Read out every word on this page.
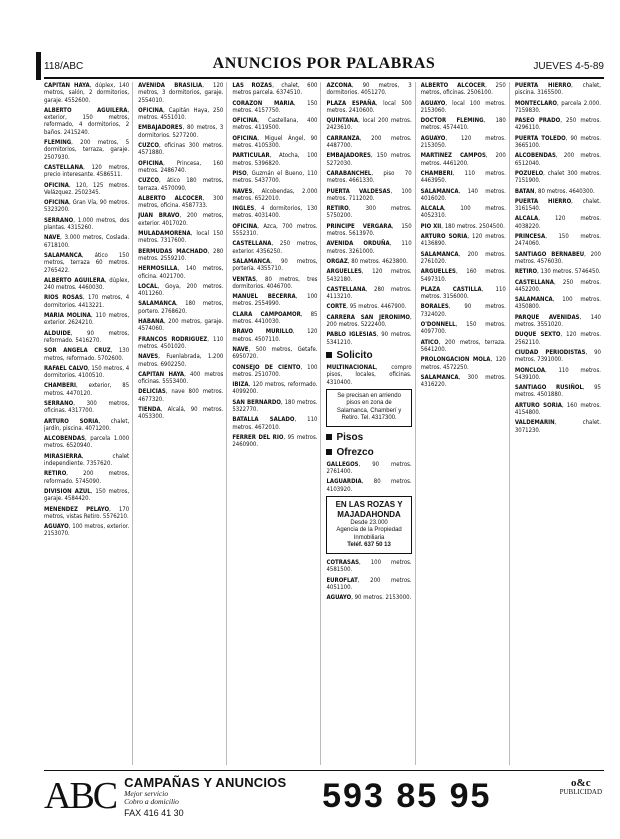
118/ABC	ANUNCIOS POR PALABRAS	JUEVES 4-5-89

CAPITAN HAYA, dúplex, 140 metros, salón, 2 dormitorios, garaje. 4552600.

ALBERTO AGUILERA, exterior, 150 metros, reformado, 4 dormitorios, 2 baños. 2415240.

FLEMING, 200 metros, 5 dormitorios, terraza, garaje. 2507930.

CASTELLANA, 120 metros, precio interesante. 4586511.

OFICINA, 120, 125 metros. Velázquez. 2502345.

OFICINA, Gran Vía, 90 metros. 5323200.

SERRANO, 1.000 metros, dos plantas. 4315260.

NAVE, 3.000 metros, Coslada. 6718100.

SALAMANCA, ático 150 metros, terraza 60 metros. 2765422.

ALBERTO AGUILERA, dúplex, 240 metros. 4460030.

RIOS ROSAS, 170 metros, 4 dormitorios. 4413221.

MARIA MOLINA, 110 metros, exterior. 2624210.

ALDUIDE, 90 metros, reformado. 5416270.

SOR ANGELA CRUZ, 130 metros, reformado. 5702600.

RAFAEL CALVO, 150 metros, 4 dormitorios. 4100510.

CHAMBERI, exterior, 85 metros. 4470120.

SERRANO, 300 metros, oficinas. 4317700.

ARTURO SORIA, chalet, jardín, piscina. 4071200.

ALCOBENDAS, parcela 1.000 metros. 6520940.

MIRASIERRA, chalet independiente. 7357620.

RETIRO, 200 metros, reformado. 5745090.

DIVISION AZUL, 150 metros, garaje. 4584420.

MENENDEZ PELAYO, 170 metros, vistas Retiro. 5576210.

AGUAYO, 100 metros, exterior. 2153070.

AVENIDA BRASILIA, 120 metros, 3 dormitorios, garaje. 2554010.

OFICINA, Capitán Haya, 250 metros. 4551010.

EMBAJADORES, 80 metros, 3 dormitorios. 5277200.

CUZCO, oficinas 300 metros. 4571880.

OFICINA, Princesa, 160 metros. 2486740.

CUZCO, ático 180 metros, terraza. 4570090.

ALBERTO ALCOCER, 300 metros, oficina. 4587733.

JUAN BRAVO, 200 metros, exterior. 4017020.

MULADAMORENA, local 150 metros. 7317600.

BERMUDAS MACHADO, 280 metros. 2559210.

HERMOSILLA, 140 metros, oficina. 4021700.

LOCAL, Goya, 200 metros. 4011260.

SALAMANCA, 180 metros, portero. 2768620.

HABANA, 200 metros, garaje. 4574060.

FRANCOS RODRIGUEZ, 110 metros. 4501020.

NAVES, Fuenlabrada, 1.200 metros. 6902250.

CAPITAN HAYA, 400 metros oficinas. 5553400.

DELICIAS, nave 800 metros. 4677320.

TIENDA, Alcalá, 90 metros. 4053300.

LAS ROZAS, chalet, 600 metros parcela. 6374510.

CORAZON MARIA, 150 metros. 4157750.

OFICINA, Castellana, 400 metros. 4119500.

OFICINA, Miguel Ángel, 90 metros. 4105300.

PARTICULAR, Atocha, 100 metros. 5396820.

PISO, Guzmán el Bueno, 110 metros. 5437700.

NAVES, Alcobendas, 2.000 metros. 6522010.

INGLES, 4 dormitorios, 130 metros. 4031400.

OFICINA, Azca, 700 metros. 5552310.

CASTELLANA, 250 metros, exterior. 4356250.

SALAMANCA, 90 metros, portería. 4355710.

VENTAS, 80 metros, tres dormitorios. 4046700.

MANUEL BECERRA, 100 metros. 2554990.

CLARA CAMPOAMOR, 85 metros. 4410030.

BRAVO MURILLO, 120 metros. 4507110.

NAVE, 500 metros, Getafe. 6950720.

CONSEJO DE CIENTO, 100 metros. 2510700.

IBIZA, 120 metros, reformado. 4099200.

SAN BERNARDO, 180 metros. 5322770.

BATALLA SALADO, 110 metros. 4672010.

FERRER DEL RIO, 95 metros. 2460900.

AZCONA, 90 metros, 3 dormitorios. 4051270.

PLAZA ESPAÑA, local 500 metros. 2410600.

QUINTANA, local 200 metros. 2423610.

CARRANZA, 200 metros. 4487700.

EMBAJADORES, 150 metros. 5272030.

CARABANCHEL, piso 70 metros. 4661330.

PUERTA VALDESAS, 100 metros. 7112020.

RETIRO, 300 metros. 5750200.

PRINCIPE VERGARA, 150 metros. 5613970.

AVENIDA ORDUÑA, 110 metros. 3261000.

ORGAZ, 80 metros. 4623800.

ARGUELLES, 120 metros. 5432180.

CASTELLANA, 280 metros. 4113210.

CORTE, 95 metros. 4467900.

CARRERA SAN JERONIMO, 200 metros. 5222400.

PABLO IGLESIAS, 90 metros. 5341210.

Solicito

MULTINACIONAL, compro pisos, locales, oficinas. 4310400.

Se precisan en arriendo pisos en zona de Salamanca, Chamberí y Retiro. Tel. 4317300.
Pisos
Ofrezco

GALLEGOS, 90 metros. 2761400.

LAGUARDIA, 80 metros. 4103920.

EN LAS ROZAS Y MAJADAHONDA
Desde 23.000
Agencia de la Propiedad Inmobiliaria
Teléf. 637 50 13

COTRASAS, 100 metros. 4581500.

EUROFLAT, 200 metros. 4051100.

AGUAYO, 90 metros. 2153000.

ALBERTO ALCOCER, 250 metros, oficinas. 2506100.

AGUAYO, local 100 metros. 2153060.

DOCTOR FLEMING, 180 metros. 4574410.

AGUAYO, 120 metros. 2153050.

MARTINEZ CAMPOS, 200 metros. 4461200.

CHAMBERI, 110 metros. 4463950.

SALAMANCA, 140 metros. 4016020.

ALCALA, 100 metros. 4052310.

PIO XII, 180 metros. 2504500.

ARTURO SORIA, 120 metros. 4136890.

SALAMANCA, 200 metros. 2761020.

ARGUELLES, 160 metros. 5497310.

PLAZA CASTILLA, 110 metros. 3156000.

BORALES, 90 metros. 7324020.

O'DONNELL, 150 metros. 4097700.

ATICO, 200 metros, terraza. 5641200.

PROLONGACION MOLA, 120 metros. 4572250.

SALAMANCA, 300 metros. 4316220.

PUERTA HIERRO, chalet, piscina. 3165500.

MONTECLARO, parcela 2.000. 7159830.

PASEO PRADO, 250 metros. 4296110.

PUERTA TOLEDO, 90 metros. 3665100.

ALCOBENDAS, 200 metros. 6512040.

POZUELO, chalet 300 metros. 7151900.

BATAN, 80 metros. 4640300.

PUERTA HIERRO, chalet. 3161540.

ALCALA, 120 metros. 4038220.

PRINCESA, 150 metros. 2474060.

SANTIAGO BERNABEU, 200 metros. 4576030.

RETIRO, 130 metros. 5746450.

CASTELLANA, 250 metros. 4452200.

SALAMANCA, 100 metros. 4350800.

PARQUE AVENIDAS, 140 metros. 3551020.

DUQUE SEXTO, 120 metros. 2562110.

CIUDAD PERIODISTAS, 90 metros. 7391000.

MONCLOA, 110 metros. 5439100.

SANTIAGO RUSIÑOL, 95 metros. 4501880.

ARTURO SORIA, 160 metros. 4154800.

VALDEMARIN, chalet. 3071230.

ABC CAMPAÑAS Y ANUNCIOS
Mejor servicio
Cobro a domicilio
FAX 416 41 30	593 85 95	o&c
PUBLICIDAD
